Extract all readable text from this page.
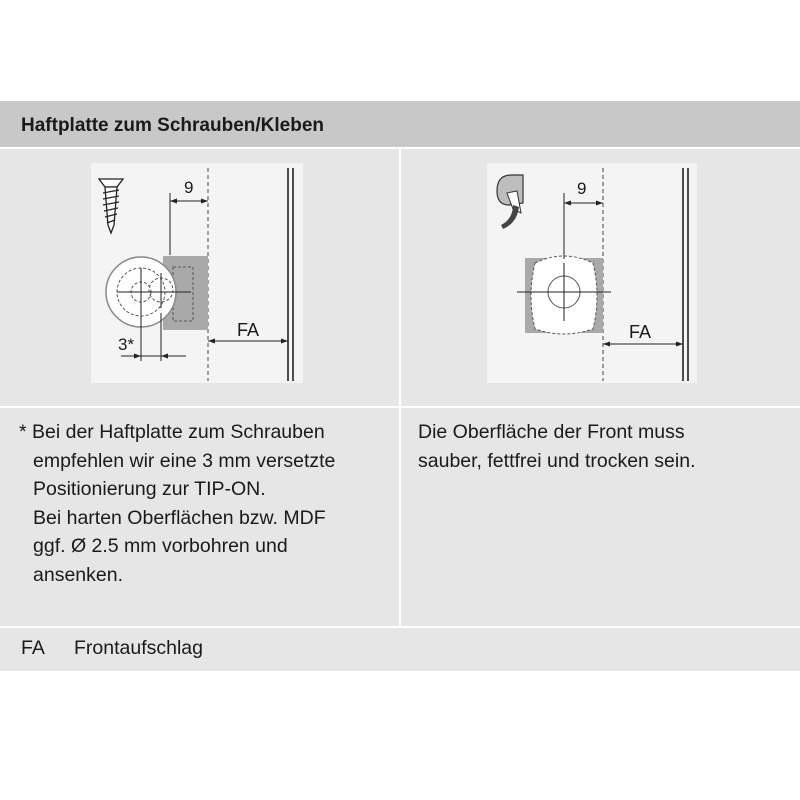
Haftplatte zum Schrauben/Kleben
9
FA
3*
9
FA
* Bei der Haftplatte zum Schrauben
empfehlen wir eine 3 mm versetzte
Positionierung zur TIP-ON.
Bei harten Oberflächen bzw. MDF
ggf. Ø 2.5 mm vorbohren und
ansenken.
Die Oberfläche der Front muss
sauber, fettfrei und trocken sein.
FA Frontaufschlag
